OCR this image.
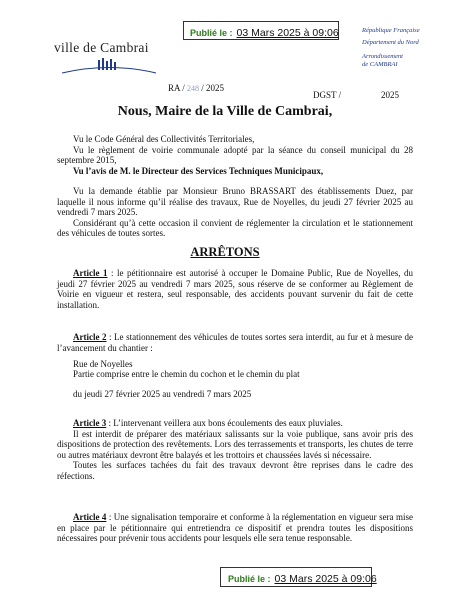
Publié le : 03 Mars 2025 à 09:06
ville de Cambrai
République Française
Département du Nord
Arrondissement
de CAMBRAI
RA / 248 / 2025
DGST /	2025
Nous, Maire de la Ville de Cambrai,
Vu le Code Général des Collectivités Territoriales,
Vu le règlement de voirie communale adopté par la séance du conseil municipal du 28 septembre 2015,
Vu l’avis de M. le Directeur des Services Techniques Municipaux,
Vu la demande établie par Monsieur Bruno BRASSART des établissements Duez, par laquelle il nous informe qu’il réalise des travaux, Rue de Noyelles, du jeudi 27 février 2025 au vendredi 7 mars 2025.
Considérant qu’à cette occasion il convient de réglementer la circulation et le stationnement des véhicules de toutes sortes.
ARRÊTONS
Article 1 : le pétitionnaire est autorisé à occuper le Domaine Public, Rue de Noyelles, du jeudi 27 février 2025 au vendredi 7 mars 2025, sous réserve de se conformer au Règlement de Voirie en vigueur et restera, seul responsable, des accidents pouvant survenir du fait de cette installation.
Article 2 : Le stationnement des véhicules de toutes sortes sera interdit, au fur et à mesure de l’avancement du chantier :
Rue de Noyelles
Partie comprise entre le chemin du cochon et le chemin du plat
du jeudi 27 février 2025 au vendredi 7 mars 2025
Article 3 : L’intervenant veillera aux bons écoulements des eaux pluviales.
Il est interdit de préparer des matériaux salissants sur la voie publique, sans avoir pris des dispositions de protection des revêtements. Lors des terrassements et transports, les chutes de terre ou autres matériaux devront être balayés et les trottoirs et chaussées lavés si nécessaire.
Toutes les surfaces tachées du fait des travaux devront être reprises dans le cadre des réfections.
Article 4 : Une signalisation temporaire et conforme à la réglementation en vigueur sera mise en place par le pétitionnaire qui entretiendra ce dispositif et prendra toutes les dispositions nécessaires pour prévenir tous accidents pour lesquels elle sera tenue responsable.
Publié le : 03 Mars 2025 à 09:06
